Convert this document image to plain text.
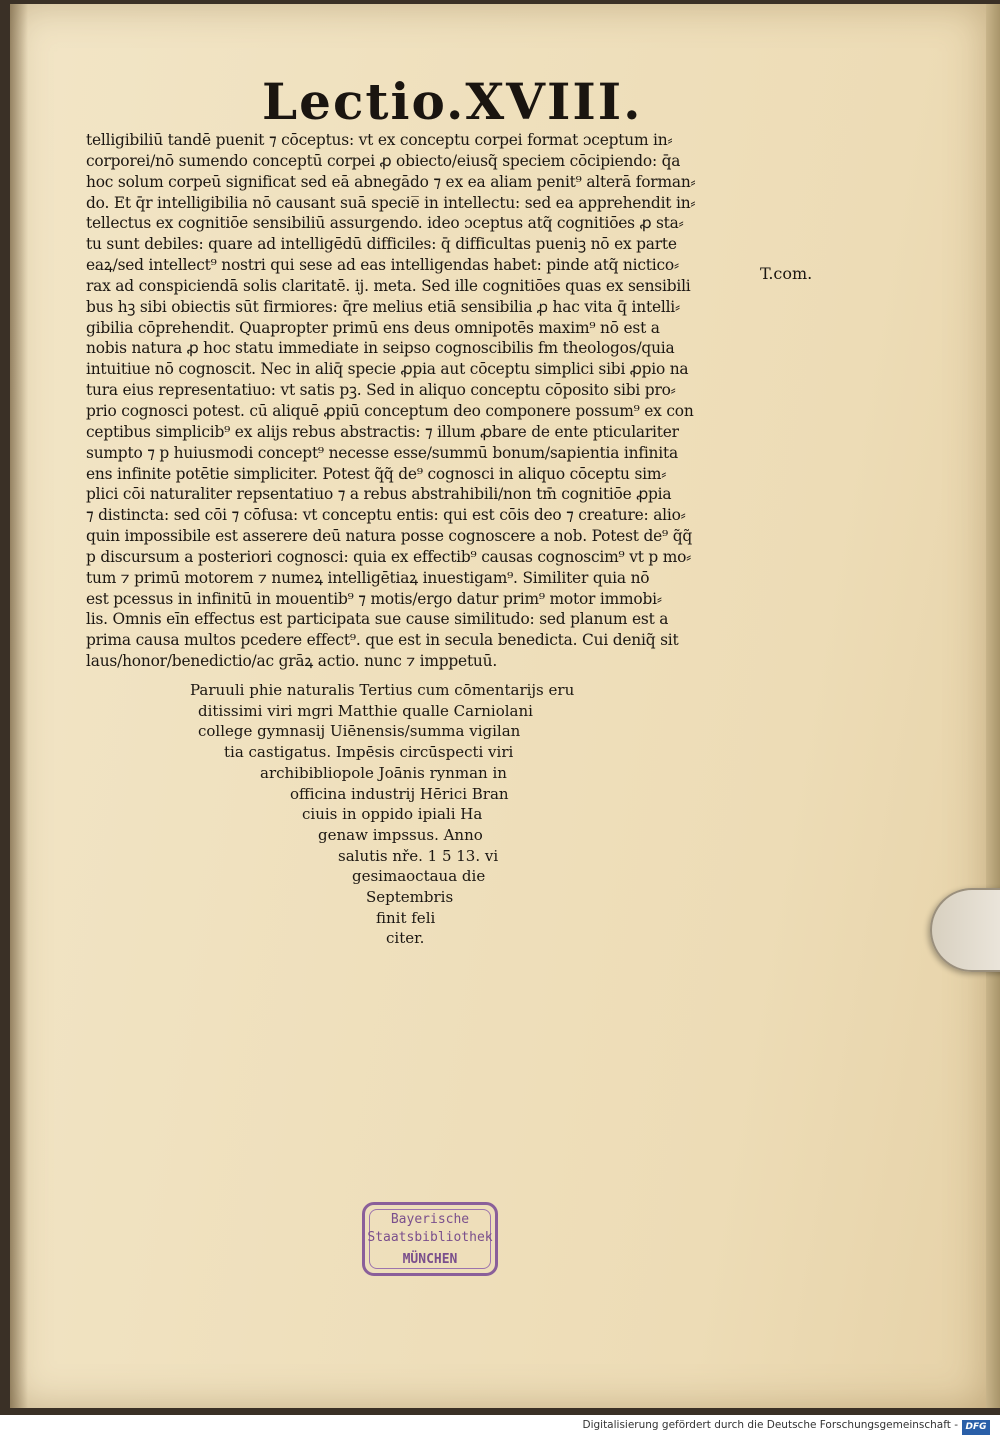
Lectio.XVIII.
telligibiliū tandē puenit ⁊ cōceptus: vt ex conceptu corpei format ɔceptum in⸗
corporei/nō sumendo conceptū corpei ꝓ obiecto/eiusq̃ speciem cōcipiendo: q̄a
hoc solum corpeū significat sed eā abnegādo ⁊ ex ea aliam penit⁹ alterā forman⸗
do. Et q̄r intelligibilia nō causant suā specie̅ in intellectu: sed ea apprehendit in⸗
tellectus ex cognitiōe sensibiliū assurgendo. ideo ɔceptus atq̃ cognitiōes ꝓ sta⸗
tu sunt debiles: quare ad intelligēdū difficiles: q̄ difficultas pueniꝫ nō ex parte
eaꝝ/sed intellect⁹ nostri qui sese ad eas intelligendas habet: pinde atq̃ nictico⸗
rax ad conspiciendā solis claritatē. ij. meta. Sed ille cognitiōes quas ex sensibili
bus hꝫ sibi obiectis sūt firmiores: q̄re melius etiā sensibilia ꝓ hac vita q̄ intelli⸗
gibilia cōprehendit. Quapropter primū ens deus omnipotēs maxim⁹ nō est a
nobis natura ꝓ hoc statu immediate in seipso cognoscibilis fm theologos/quia
intuitiue nō cognoscit. Nec in aliq̄ specie ꝓpia aut cōceptu simplici sibi ꝓpio na
tura eius representatiuo: vt satis pꝫ. Sed in aliquo conceptu cōposito sibi pro⸗
prio cognosci potest. cū aliquē ꝓpiū conceptum deo componere possum⁹ ex con
ceptibus simplicib⁹ ex alijs rebus abstractis: ⁊ illum ꝓbare de ente pticulariter
sumpto ⁊ p huiusmodi concept⁹ necesse esse/summū bonum/sapientia infinita
ens infinite potētie simpliciter. Potest q̃q̃ de⁹ cognosci in aliquo cōceptu sim⸗
plici cōi naturaliter repsentatiuo ⁊ a rebus abstrahibili/non tm̄ cognitiōe ꝓpia
⁊ distincta: sed cōi ⁊ cōfusa: vt conceptu entis: qui est cōis deo ⁊ creature: alio⸗
quin impossibile est asserere deū natura posse cognoscere a nob. Potest de⁹ q̃q̃
p discursum a posteriori cognosci: quia ex effectib⁹ causas cognoscim⁹ vt p mo⸗
tum ⁊ primū motorem ⁊ numeꝝ intelligētiaꝝ inuestigam⁹. Similiter quia nō
est pcessus in infinitū in mouentib⁹ ⁊ motis/ergo datur prim⁹ motor immobi⸗
lis. Omnis eīn effectus est participata sue cause similitudo: sed planum est a
prima causa multos pcedere effect⁹. que est in secula benedicta. Cui deniq̃ sit
laus/honor/benedictio/ac grāꝝ actio. nunc ⁊ imppetuū.
T.com.
Paruuli phie naturalis Tertius cum cōmentarijs eru
ditissimi viri mgri Matthie qualle Carniolani
college gymnasij Uiēnensis/summa vigilan
tia castigatus. Impēsis circūspecti viri
archibibliopole Joānis rynman in
officina industrij Hērici Bran
ciuis in oppido ipiali Ha
genaw impssus. Anno
salutis nře. 1 5 13. vi
gesimaoctaua die
Septembris
finit feli
citer.
Bayerische
Staatsbibliothek
MÜNCHEN
Digitalisierung gefördert durch die Deutsche Forschungsgemeinschaft - DFG
